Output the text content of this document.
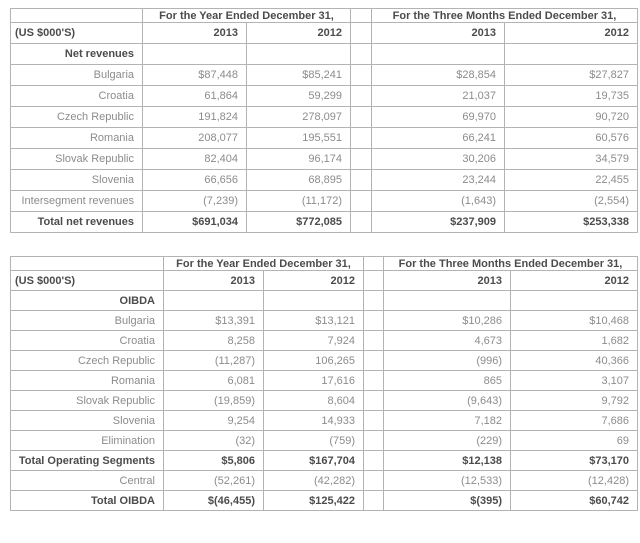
	For the Year Ended December 31,			For the Three Months Ended December 31,	
(US $000'S)	2013	2012		2013	2012
Net revenues					
Bulgaria	$87,448	$85,241		$28,854	$27,827
Croatia	61,864	59,299		21,037	19,735
Czech Republic	191,824	278,097		69,970	90,720
Romania	208,077	195,551		66,241	60,576
Slovak Republic	82,404	96,174		30,206	34,579
Slovenia	66,656	68,895		23,244	22,455
Intersegment revenues	(7,239)	(11,172)		(1,643)	(2,554)
Total net revenues	$691,034	$772,085		$237,909	$253,338
	For the Year Ended December 31,			For the Three Months Ended December 31,	
(US $000'S)	2013	2012		2013	2012
OIBDA					
Bulgaria	$13,391	$13,121		$10,286	$10,468
Croatia	8,258	7,924		4,673	1,682
Czech Republic	(11,287)	106,265		(996)	40,366
Romania	6,081	17,616		865	3,107
Slovak Republic	(19,859)	8,604		(9,643)	9,792
Slovenia	9,254	14,933		7,182	7,686
Elimination	(32)	(759)		(229)	69
Total Operating Segments	$5,806	$167,704		$12,138	$73,170
Central	(52,261)	(42,282)		(12,533)	(12,428)
Total OIBDA	$(46,455)	$125,422		$(395)	$60,742
